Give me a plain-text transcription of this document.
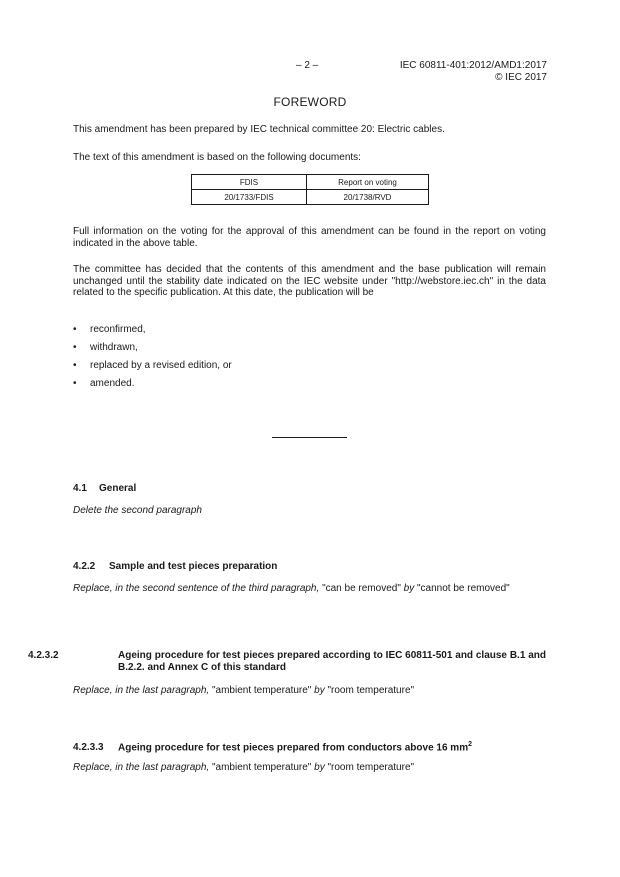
– 2 –	IEC 60811-401:2012/AMD1:2017
© IEC 2017
FOREWORD
This amendment has been prepared by IEC technical committee 20: Electric cables.
The text of this amendment is based on the following documents:
FDIS	Report on voting
20/1733/FDIS	20/1738/RVD
Full information on the voting for the approval of this amendment can be found in the report on voting indicated in the above table.
The committee has decided that the contents of this amendment and the base publication will remain unchanged until the stability date indicated on the IEC website under "http://webstore.iec.ch" in the data related to the specific publication. At this date, the publication will be
•	reconfirmed,
•	withdrawn,
•	replaced by a revised edition, or
•	amended.
4.1 General
Delete the second paragraph
4.2.2 Sample and test pieces preparation
Replace, in the second sentence of the third paragraph, "can be removed" by "cannot be removed"
4.2.3.2	Ageing procedure for test pieces prepared according to IEC 60811-501 and clause B.1 and B.2.2. and Annex C of this standard
Replace, in the last paragraph, "ambient temperature" by "room temperature"
4.2.3.3 Ageing procedure for test pieces prepared from conductors above 16 $mm^2$
Replace, in the last paragraph, "ambient temperature" by "room temperature"
